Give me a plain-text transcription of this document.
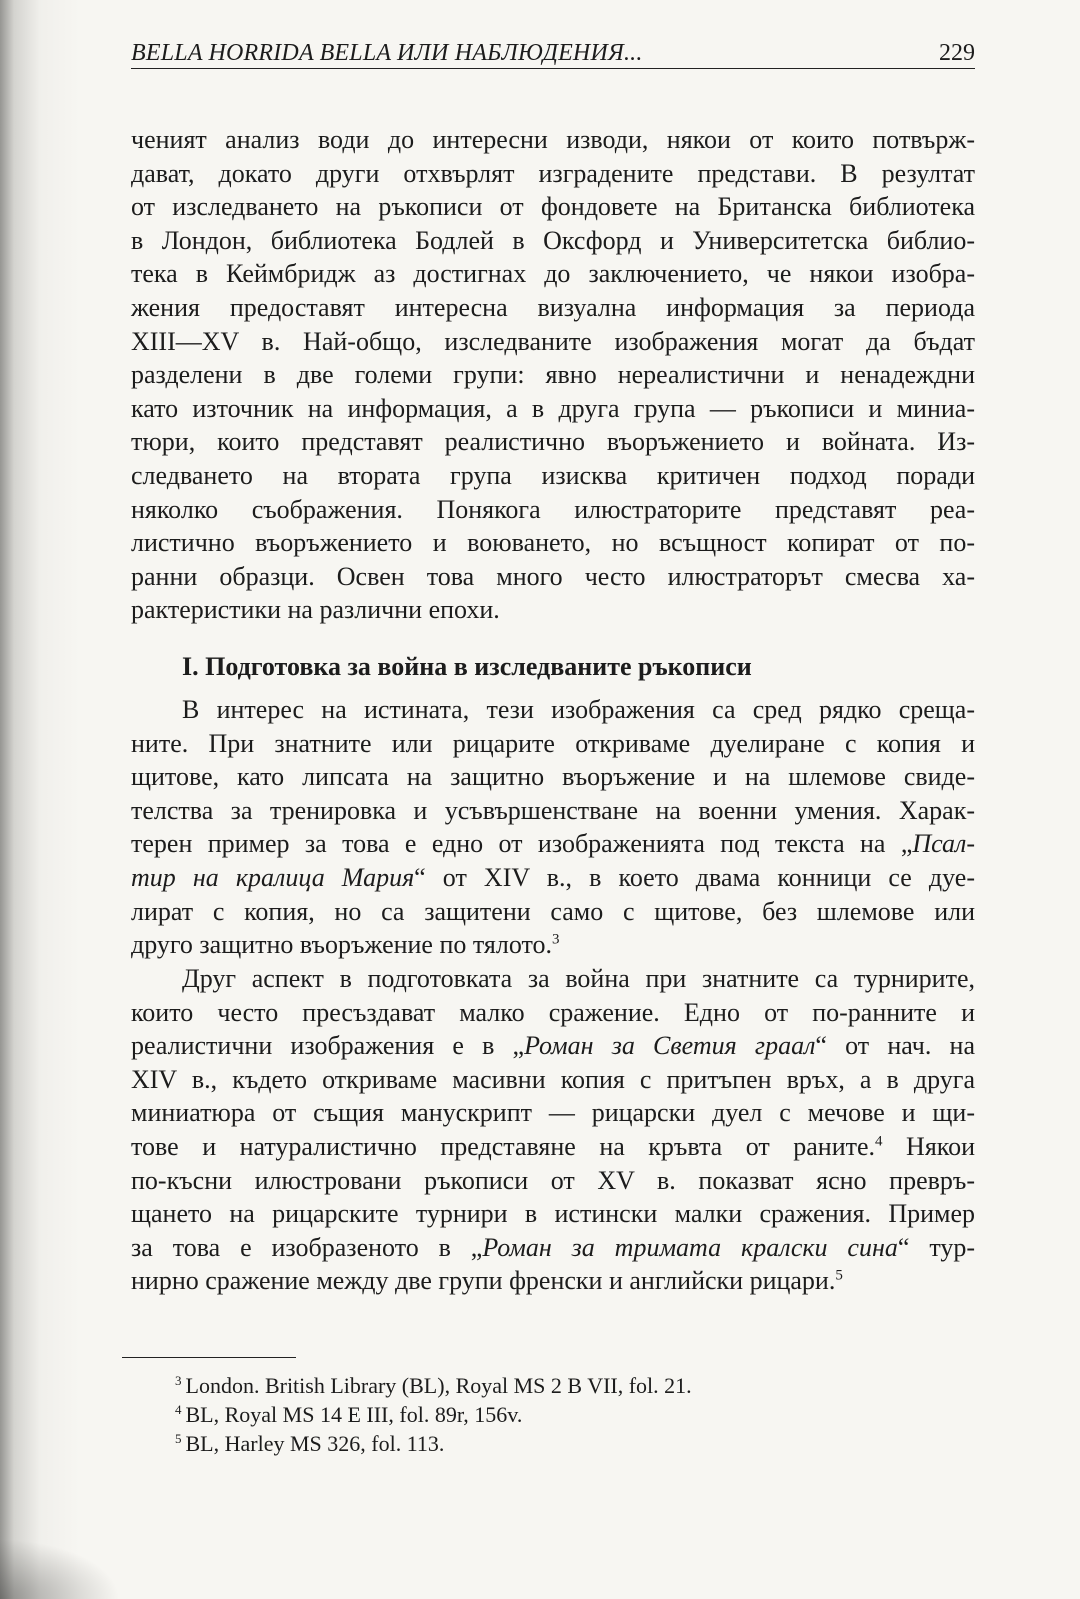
BELLA HORRIDA BELLA ИЛИ НАБЛЮДЕНИЯ...	229
ченият анализ води до интересни изводи, някои от които потвърж-
дават, докато други отхвърлят изградените представи. В резултат
от изследването на ръкописи от фондовете на Британска библиотека
в Лондон, библиотека Бодлей в Оксфорд и Университетска библио-
тека в Кеймбридж аз достигнах до заключението, че някои изобра-
жения предоставят интересна визуална информация за периода
XIII—XV в. Най-общо, изследваните изображения могат да бъдат
разделени в две големи групи: явно нереалистични и ненадеждни
като източник на информация, а в друга група — ръкописи и миниа-
тюри, които представят реалистично въоръжението и войната. Из-
следването на втората група изисква критичен подход поради
няколко съображения. Понякога илюстраторите представят реа-
листично въоръжението и воюването, но всъщност копират от по-
ранни образци. Освен това много често илюстраторът смесва ха-
рактеристики на различни епохи.
I. Подготовка за война в изследваните ръкописи
В интерес на истината, тези изображения са сред рядко среща-
ните. При знатните или рицарите откриваме дуелиране с копия и
щитове, като липсата на защитно въоръжение и на шлемове свиде-
телства за тренировка и усъвършенстване на военни умения. Харак-
терен пример за това е едно от изображенията под текста на „Псал-
тир на кралица Мария“ от XIV в., в което двама конници се дуе-
лират с копия, но са защитени само с щитове, без шлемове или
друго защитно въоръжение по тялото.$^3$
Друг аспект в подготовката за война при знатните са турнирите,
които често пресъздават малко сражение. Едно от по-ранните и
реалистични изображения е в „Роман за Светия граал“ от нач. на
XIV в., където откриваме масивни копия с притъпен връх, а в друга
миниатюра от същия манускрипт — рицарски дуел с мечове и щи-
тове и натуралистично представяне на кръвта от раните.$^4$ Някои
по-късни илюстровани ръкописи от XV в. показват ясно превръ-
щането на рицарските турнири в истински малки сражения. Пример
за това е изобразеното в „Роман за тримата кралски сина“ тур-
нирно сражение между две групи френски и английски рицари.$^5$
$^3$ London. British Library (BL), Royal MS 2 B VII, fol. 21.
$^4$ BL, Royal MS 14 E III, fol. 89r, 156v.
$^5$ BL, Harley MS 326, fol. 113.
